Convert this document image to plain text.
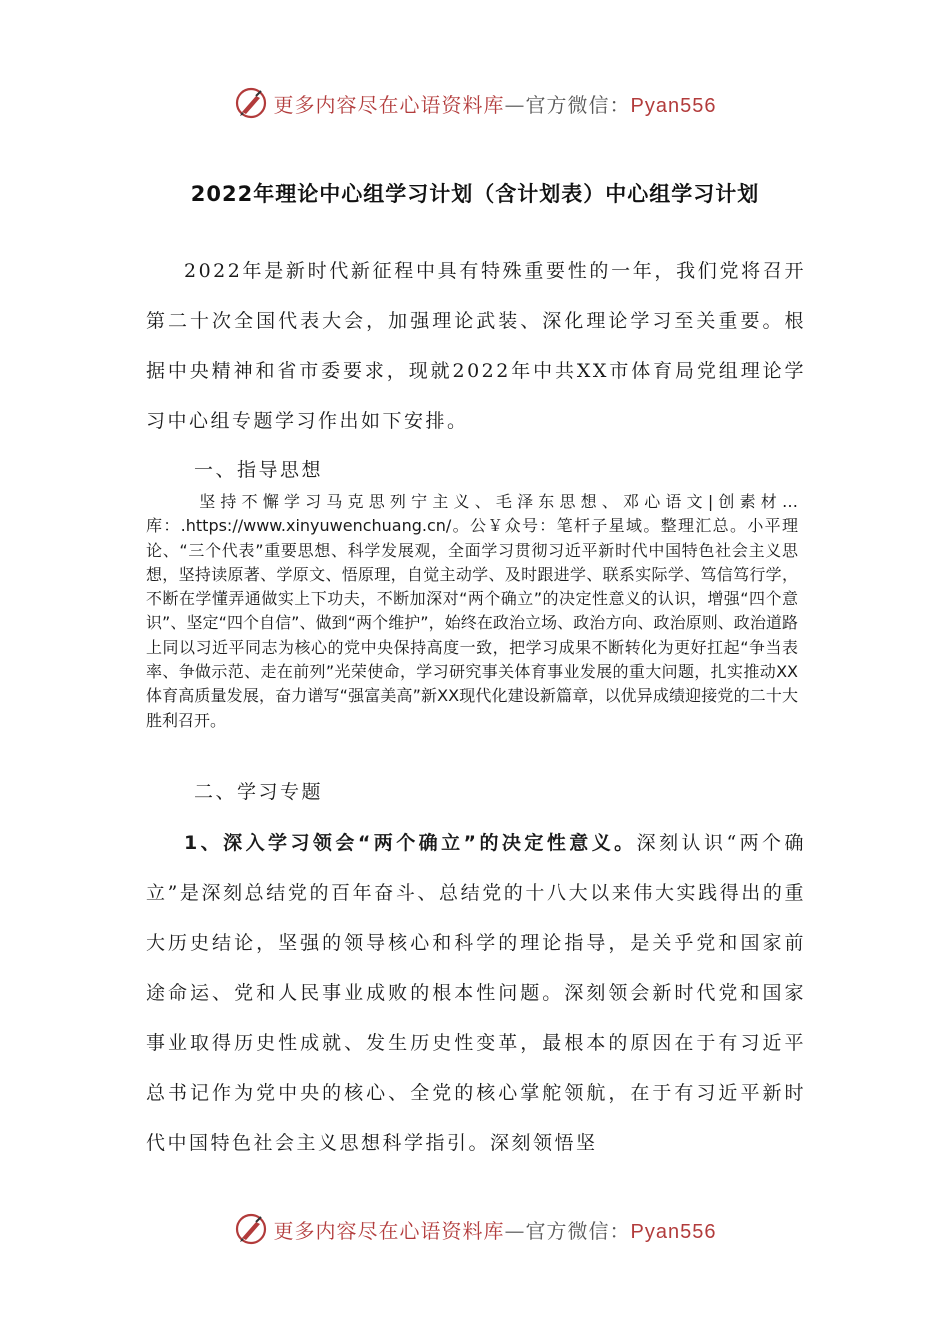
更多内容尽在心语资料库—官方微信：Pyan556
2022年理论中心组学习计划（含计划表）中心组学习计划

2022年是新时代新征程中具有特殊重要性的一年，我们党将召开第二十次全国代表大会，加强理论武装、深化理论学习至关重要。根据中央精神和省市委要求，现就2022年中共XX市体育局党组理论学习中心组专题学习作出如下安排。

一、指导思想

坚持不懈学习马克思列宁主义、毛泽东思想、邓心语文|创素材…库：.https://www.xinyuwenchuang.cn/。公￥众号：笔杆子星域。整理汇总。小平理论、“三个代表”重要思想、科学发展观，全面学习贯彻习近平新时代中国特色社会主义思想，坚持读原著、学原文、悟原理，自觉主动学、及时跟进学、联系实际学、笃信笃行学，不断在学懂弄通做实上下功夫，不断加深对“两个确立”的决定性意义的认识，增强“四个意识”、坚定“四个自信”、做到“两个维护”，始终在政治立场、政治方向、政治原则、政治道路上同以习近平同志为核心的党中央保持高度一致，把学习成果不断转化为更好扛起“争当表率、争做示范、走在前列”光荣使命，学习研究事关体育事业发展的重大问题，扎实推动XX体育高质量发展，奋力谱写“强富美高”新XX现代化建设新篇章，以优异成绩迎接党的二十大胜利召开。

二、学习专题

1、深入学习领会“两个确立”的决定性意义。深刻认识“两个确立”是深刻总结党的百年奋斗、总结党的十八大以来伟大实践得出的重大历史结论，坚强的领导核心和科学的理论指导，是关乎党和国家前途命运、党和人民事业成败的根本性问题。深刻领会新时代党和国家事业取得历史性成就、发生历史性变革，最根本的原因在于有习近平总书记作为党中央的核心、全党的核心掌舵领航，在于有习近平新时代中国特色社会主义思想科学指引。深刻领悟坚

更多内容尽在心语资料库—官方微信：Pyan556
